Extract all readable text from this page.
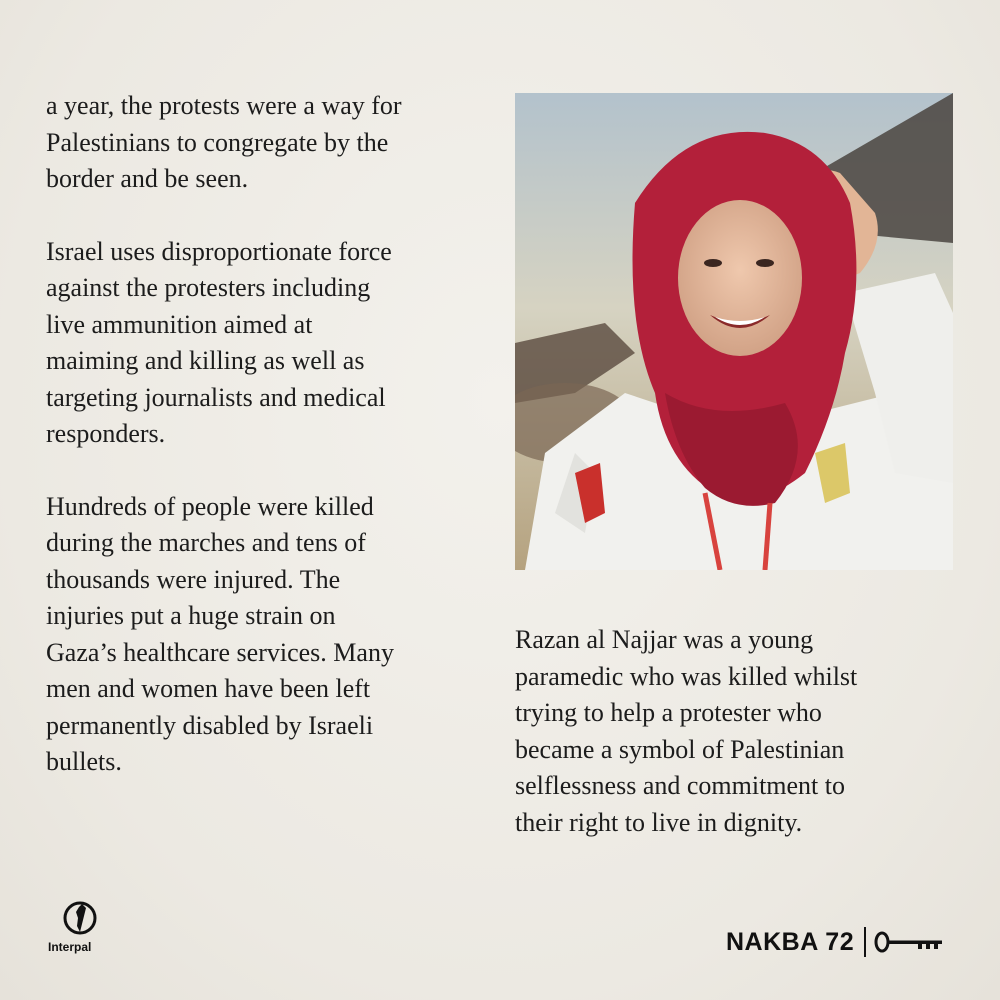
a year, the protests were a way for
Palestinians to congregate by the
border and be seen.

Israel uses disproportionate force
against the protesters including
live ammunition aimed at
maiming and killing as well as
targeting journalists and medical
responders.

Hundreds of people were killed
during the marches and tens of
thousands were injured. The
injuries put a huge strain on
Gaza’s healthcare services. Many
men and women have been left
permanently disabled by Israeli
bullets.

Razan al Najjar was a young
paramedic who was killed whilst
trying to help a protester who
became a symbol of Palestinian
selflessness and commitment to
their right to live in dignity.

Interpal	NAKBA 72
